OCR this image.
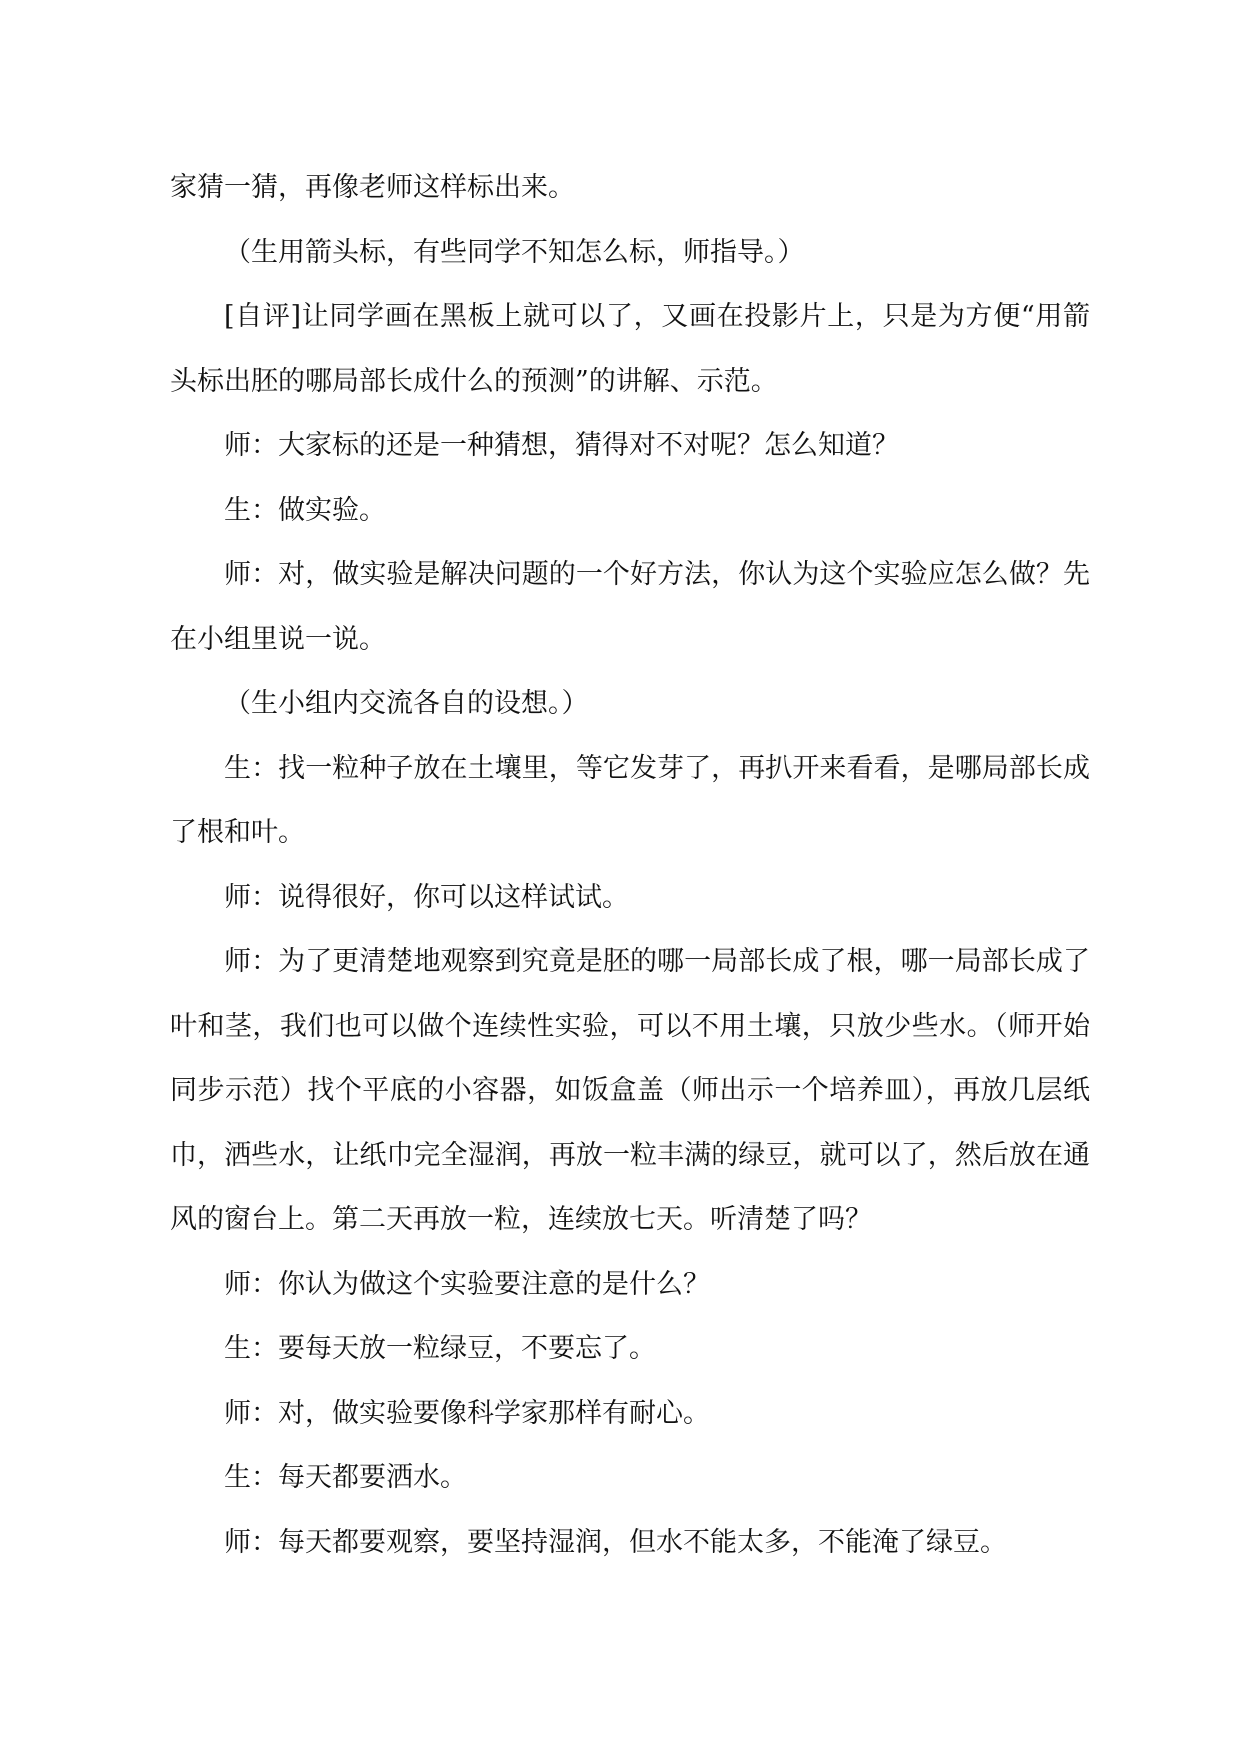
家猜一猜，再像老师这样标出来。

（生用箭头标，有些同学不知怎么标，师指导。）

[自评]让同学画在黑板上就可以了，又画在投影片上，只是为方便“用箭头标出胚的哪局部长成什么的预测”的讲解、示范。

师：大家标的还是一种猜想，猜得对不对呢？怎么知道？

生：做实验。

师：对，做实验是解决问题的一个好方法，你认为这个实验应怎么做？先在小组里说一说。

（生小组内交流各自的设想。）

生：找一粒种子放在土壤里，等它发芽了，再扒开来看看，是哪局部长成了根和叶。

师：说得很好，你可以这样试试。

师：为了更清楚地观察到究竟是胚的哪一局部长成了根，哪一局部长成了叶和茎，我们也可以做个连续性实验，可以不用土壤，只放少些水。（师开始同步示范）找个平底的小容器，如饭盒盖（师出示一个培养皿），再放几层纸巾，洒些水，让纸巾完全湿润，再放一粒丰满的绿豆，就可以了，然后放在通风的窗台上。第二天再放一粒，连续放七天。听清楚了吗？

师：你认为做这个实验要注意的是什么？

生：要每天放一粒绿豆，不要忘了。

师：对，做实验要像科学家那样有耐心。

生：每天都要洒水。

师：每天都要观察，要坚持湿润，但水不能太多，不能淹了绿豆。
